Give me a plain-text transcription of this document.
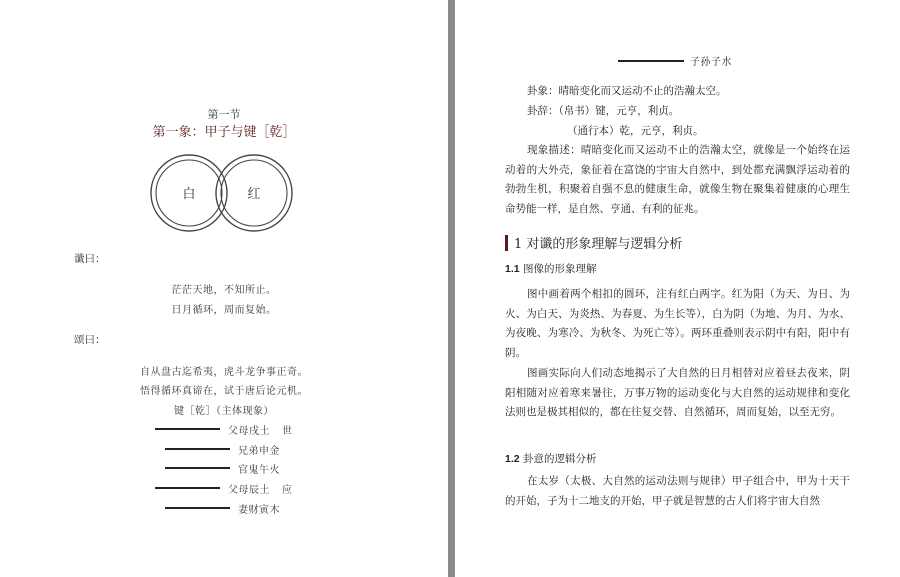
第一节
第一象：甲子与键［乾］
白	红
谶曰：
茫茫天地，不知所止。
日月循环，周而复始。
颂曰：
自从盘古迄希夷，虎斗龙争事正奇。
悟得循环真谛在，试于唐后论元机。
键［乾］（主体现象）
父母戌土 世
兄弟申金
官鬼午火
父母辰土 应
妻财寅木
子孙子水
卦象：晴暗变化而又运动不止的浩瀚太空。
卦辞：（帛书）键，元亨，利贞。
（通行本）乾，元亨，利贞。
现象描述：晴暗变化而又运动不止的浩瀚太空，就像是一个始终在运动着的大外壳，象征着在富饶的宇宙大自然中，到处都充满飘浮运动着的勃勃生机，积聚着自强不息的健康生命，就像生物在聚集着健康的心理生命势能一样，是自然、亨通、有利的征兆。
1 对谶的形象理解与逻辑分析
1.1 图像的形象理解
图中画着两个相扣的圆环，注有红白两字。红为阳（为天、为日、为火、为白天、为炎热、为春夏、为生长等），白为阴（为地、为月、为水、为夜晚、为寒冷、为秋冬、为死亡等）。两环重叠则表示阴中有阳，阳中有阴。
图画实际向人们动态地揭示了大自然的日月相替对应着昼去夜来，阴阳相随对应着寒来暑往，万事万物的运动变化与大自然的运动规律和变化法则也是极其相似的，都在往复交替、自然循环，周而复始，以至无穷。
1.2 卦意的逻辑分析
在太岁（太极、大自然的运动法则与规律）甲子组合中，甲为十天干的开始，子为十二地支的开始，甲子就是智慧的古人们将宇宙大自然
